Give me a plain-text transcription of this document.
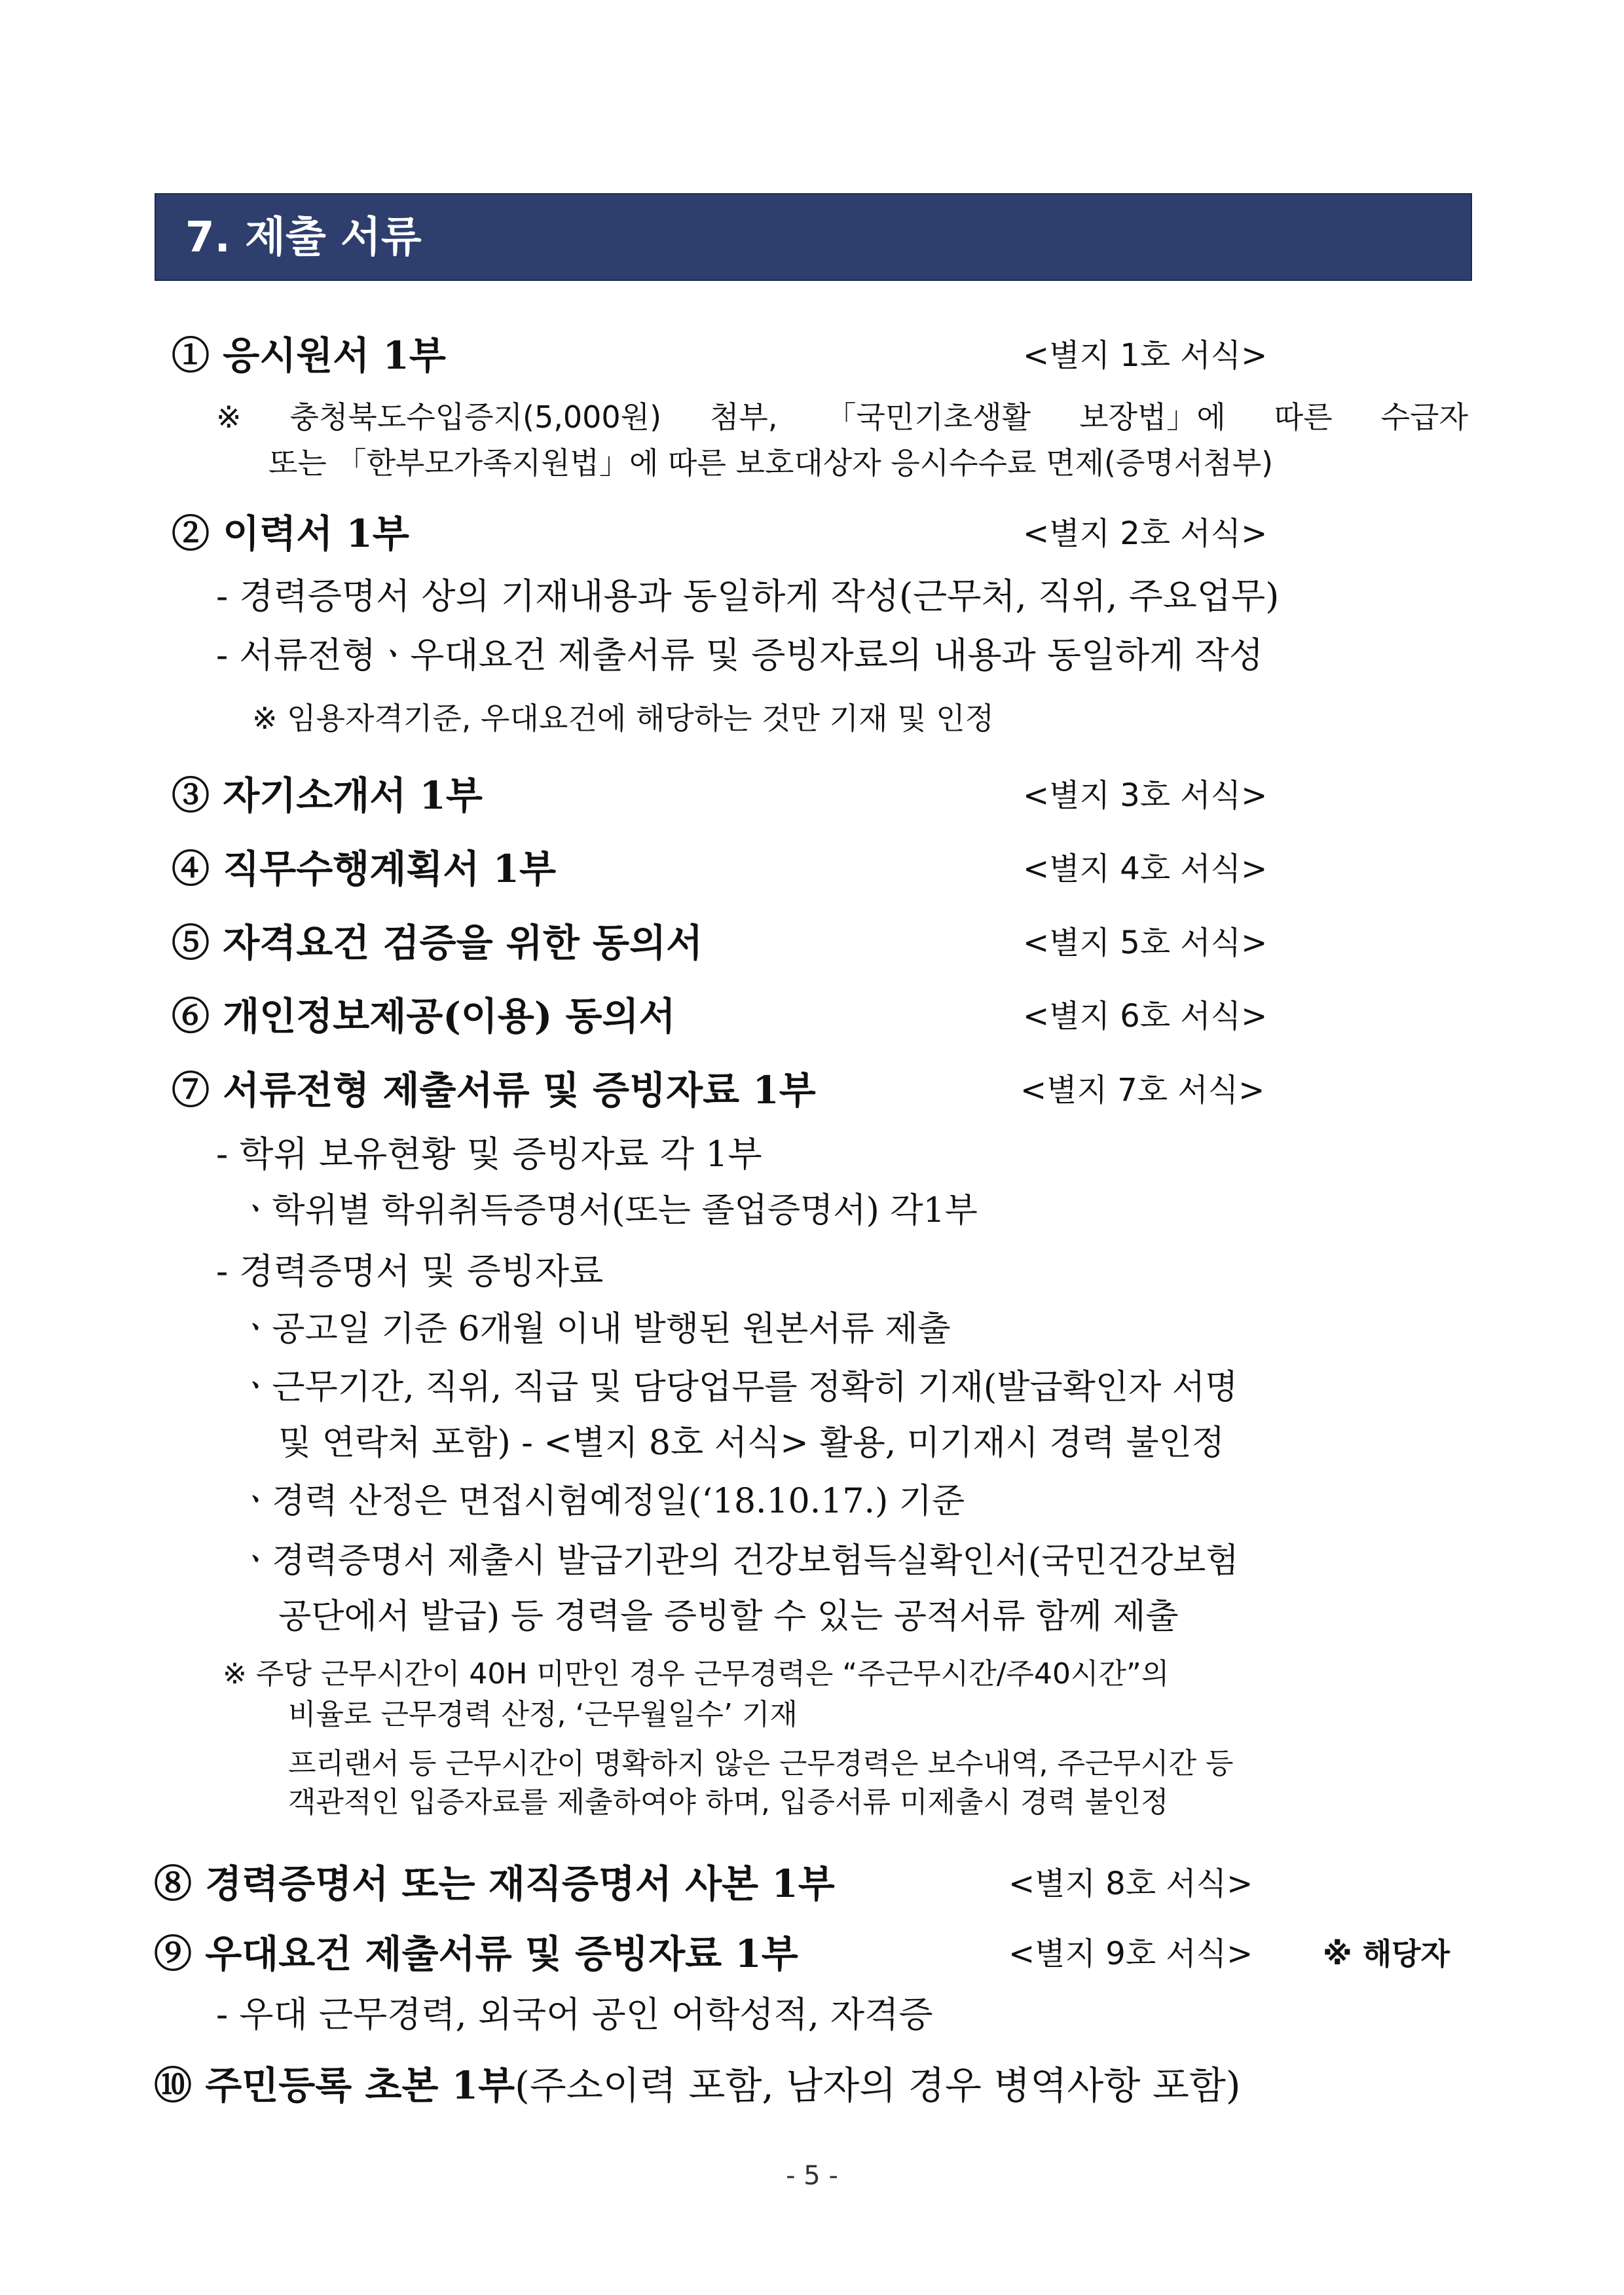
7. 제출 서류
① 응시원서 1부	<별지 1호 서식>
※ 충청북도수입증지(5,000원) 첨부, 「국민기초생활 보장법」에 따른 수급자
또는 「한부모가족지원법」에 따른 보호대상자 응시수수료 면제(증명서첨부)
② 이력서 1부	<별지 2호 서식>
- 경력증명서 상의 기재내용과 동일하게 작성(근무처, 직위, 주요업무)
- 서류전형ㆍ우대요건 제출서류 및 증빙자료의 내용과 동일하게 작성
※ 임용자격기준, 우대요건에 해당하는 것만 기재 및 인정
③ 자기소개서 1부	<별지 3호 서식>
④ 직무수행계획서 1부	<별지 4호 서식>
⑤ 자격요건 검증을 위한 동의서	<별지 5호 서식>
⑥ 개인정보제공(이용) 동의서	<별지 6호 서식>
⑦ 서류전형 제출서류 및 증빙자료 1부	<별지 7호 서식>
- 학위 보유현황 및 증빙자료 각 1부
ㆍ학위별 학위취득증명서(또는 졸업증명서) 각1부
- 경력증명서 및 증빙자료
ㆍ공고일 기준 6개월 이내 발행된 원본서류 제출
ㆍ근무기간, 직위, 직급 및 담당업무를 정확히 기재(발급확인자 서명
및 연락처 포함) - <별지 8호 서식> 활용, 미기재시 경력 불인정
ㆍ경력 산정은 면접시험예정일(‘18.10.17.) 기준
ㆍ경력증명서 제출시 발급기관의 건강보험득실확인서(국민건강보험
공단에서 발급) 등 경력을 증빙할 수 있는 공적서류 함께 제출
※ 주당 근무시간이 40H 미만인 경우 근무경력은 “주근무시간/주40시간”의
비율로 근무경력 산정, ‘근무월일수’ 기재
프리랜서 등 근무시간이 명확하지 않은 근무경력은 보수내역, 주근무시간 등
객관적인 입증자료를 제출하여야 하며, 입증서류 미제출시 경력 불인정
⑧ 경력증명서 또는 재직증명서 사본 1부	<별지 8호 서식>
⑨ 우대요건 제출서류 및 증빙자료 1부	<별지 9호 서식> ※ 해당자
- 우대 근무경력, 외국어 공인 어학성적, 자격증
⑩ 주민등록 초본 1부(주소이력 포함, 남자의 경우 병역사항 포함)
- 5 -
